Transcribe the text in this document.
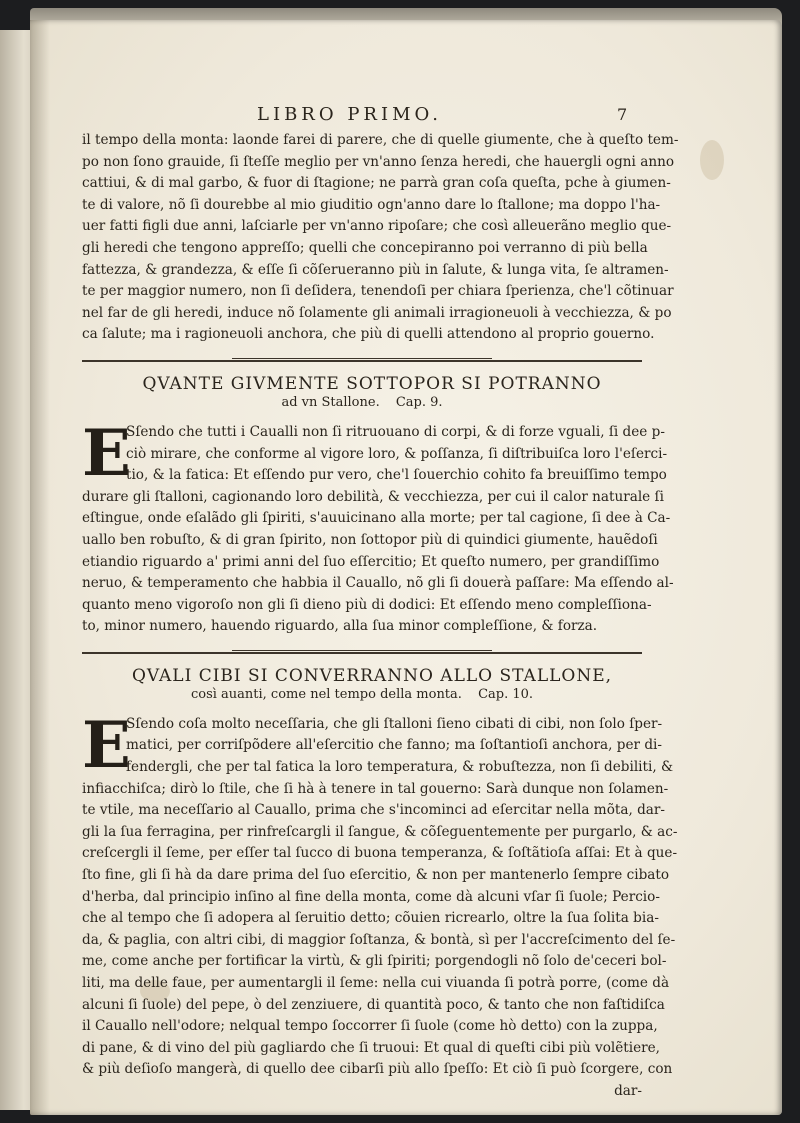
LIBRO PRIMO.	7
il tempo della monta: laonde farei di parere, che di quelle giumente, che à queſto tem-
po non ſono grauide, ſi ſteſſe meglio per vn'anno ſenza heredi, che hauergli ogni anno
cattiui, & di mal garbo, & fuor di ſtagione; ne parrà gran coſa queſta, pche à giumen-
te di valore, nõ ſi dourebbe al mio giuditio ogn'anno dare lo ſtallone; ma doppo l'ha-
uer fatti figli due anni, laſciarle per vn'anno ripoſare; che così alleuerãno meglio que-
gli heredi che tengono appreſſo; quelli che concepiranno poi verranno di più bella
fattezza, & grandezza, & eſſe ſi cõſerueranno più in ſalute, & lunga vita, ſe altramen-
te per maggior numero, non ſi deſidera, tenendoſi per chiara ſperienza, che'l cõtinuar
nel far de gli heredi, induce nõ ſolamente gli animali irragioneuoli à vecchiezza, & po
ca ſalute; ma i ragioneuoli anchora, che più di quelli attendono al proprio gouerno.
QVANTE GIVMENTE SOTTOPOR SI POTRANNO
ad vn Stallone. Cap. 9.
E
Sſendo che tutti i Caualli non ſi ritruouano di corpi, & di forze vguali, ſi dee p-
ciò mirare, che conforme al vigore loro, & poſſanza, ſi diſtribuiſca loro l'eſerci-
tio, & la fatica: Et eſſendo pur vero, che'l ſouerchio cohito fa breuiſſimo tempo
durare gli ſtalloni, cagionando loro debilità, & vecchiezza, per cui il calor naturale ſi
eſtingue, onde eſalãdo gli ſpiriti, s'auuicinano alla morte; per tal cagione, ſi dee à Ca-
uallo ben robuſto, & di gran ſpirito, non ſottopor più di quindici giumente, hauẽdoſi
etiandio riguardo a' primi anni del ſuo eſſercitio; Et queſto numero, per grandiſſimo
neruo, & temperamento che habbia il Cauallo, nõ gli ſi douerà paſſare: Ma eſſendo al-
quanto meno vigoroſo non gli ſi dieno più di dodici: Et eſſendo meno compleſſiona-
to, minor numero, hauendo riguardo, alla ſua minor compleſſione, & forza.
QVALI CIBI SI CONVERRANNO ALLO STALLONE,
così auanti, come nel tempo della monta. Cap. 10.
E
Sſendo coſa molto neceſſaria, che gli ſtalloni ſieno cibati di cibi, non ſolo ſper-
matici, per corriſpõdere all'eſercitio che fanno; ma ſoſtantioſi anchora, per di-
fendergli, che per tal fatica la loro temperatura, & robuſtezza, non ſi debiliti, &
infiacchiſca; dirò lo ſtile, che ſi hà à tenere in tal gouerno: Sarà dunque non ſolamen-
te vtile, ma neceſſario al Cauallo, prima che s'incominci ad eſercitar nella mõta, dar-
gli la ſua ferragina, per rinfreſcargli il ſangue, & cõſeguentemente per purgarlo, & ac-
creſcergli il ſeme, per eſſer tal ſucco di buona temperanza, & ſoſtãtioſa aſſai: Et à que-
ſto fine, gli ſi hà da dare prima del ſuo eſercitio, & non per mantenerlo ſempre cibato
d'herba, dal principio inſino al fine della monta, come dà alcuni vſar ſi ſuole; Percio-
che al tempo che ſi adopera al ſeruitio detto; cõuien ricrearlo, oltre la ſua ſolita bia-
da, & paglia, con altri cibi, di maggior ſoſtanza, & bontà, sì per l'accreſcimento del ſe-
me, come anche per fortificar la virtù, & gli ſpiriti; porgendogli nõ ſolo de'ceceri bol-
liti, ma delle faue, per aumentargli il ſeme: nella cui viuanda ſi potrà porre, (come dà
alcuni ſi ſuole) del pepe, ò del zenziuere, di quantità poco, & tanto che non faſtidiſca
il Cauallo nell'odore; nelqual tempo ſoccorrer ſi ſuole (come hò detto) con la zuppa,
di pane, & di vino del più gagliardo che ſi truoui: Et qual di queſti cibi più volẽtiere,
& più deſioſo mangerà, di quello dee cibarſi più allo ſpeſſo: Et ciò ſi può ſcorgere, con
dar-
